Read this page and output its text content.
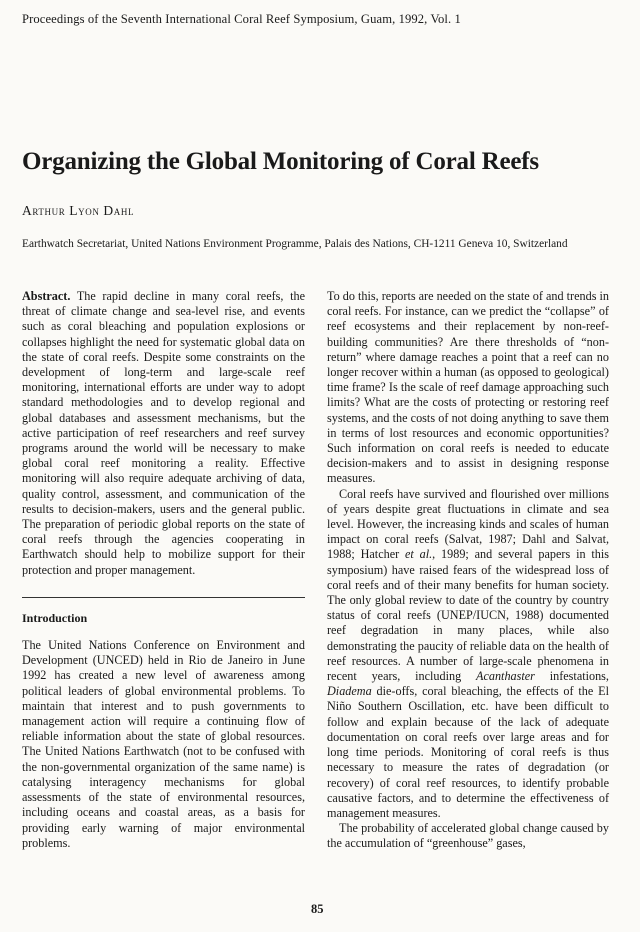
Proceedings of the Seventh International Coral Reef Symposium, Guam, 1992, Vol. 1
Organizing the Global Monitoring of Coral Reefs
Arthur Lyon Dahl
Earthwatch Secretariat, United Nations Environment Programme, Palais des Nations, CH-1211 Geneva 10, Switzerland

Abstract. The rapid decline in many coral reefs, the threat of climate change and sea-level rise, and events such as coral bleaching and population explosions or collapses highlight the need for systematic global data on the state of coral reefs. Despite some constraints on the development of long-term and large-scale reef monitoring, international efforts are under way to adopt standard methodologies and to develop regional and global databases and assessment mechanisms, but the active participation of reef researchers and reef survey programs around the world will be necessary to make global coral reef monitoring a reality. Effective monitoring will also require adequate archiving of data, quality control, assessment, and communication of the results to decision-makers, users and the general public. The preparation of periodic global reports on the state of coral reefs through the agencies cooperating in Earthwatch should help to mobilize support for their protection and proper management.

Introduction

The United Nations Conference on Environment and Development (UNCED) held in Rio de Janeiro in June 1992 has created a new level of awareness among political leaders of global environmental problems. To maintain that interest and to push governments to management action will require a continuing flow of reliable information about the state of global resources. The United Nations Earthwatch (not to be confused with the non-governmental organization of the same name) is catalysing interagency mechanisms for global assessments of the state of environmental resources, including oceans and coastal areas, as a basis for providing early warning of major environmental problems.

To do this, reports are needed on the state of and trends in coral reefs. For instance, can we predict the “collapse” of reef ecosystems and their replacement by non-reef-building communities? Are there thresholds of “non-return” where damage reaches a point that a reef can no longer recover within a human (as opposed to geological) time frame? Is the scale of reef damage approaching such limits? What are the costs of protecting or restoring reef systems, and the costs of not doing anything to save them in terms of lost resources and economic opportunities? Such information on coral reefs is needed to educate decision-makers and to assist in designing response measures.

Coral reefs have survived and flourished over millions of years despite great fluctuations in climate and sea level. However, the increasing kinds and scales of human impact on coral reefs (Salvat, 1987; Dahl and Salvat, 1988; Hatcher et al., 1989; and several papers in this symposium) have raised fears of the widespread loss of coral reefs and of their many benefits for human society. The only global review to date of the country by country status of coral reefs (UNEP/IUCN, 1988) documented reef degradation in many places, while also demonstrating the paucity of reliable data on the health of reef resources. A number of large-scale phenomena in recent years, including Acanthaster infestations, Diadema die-offs, coral bleaching, the effects of the El Niño Southern Oscillation, etc. have been difficult to follow and explain because of the lack of adequate documentation on coral reefs over large areas and for long time periods. Monitoring of coral reefs is thus necessary to measure the rates of degradation (or recovery) of coral reef resources, to identify probable causative factors, and to determine the effectiveness of management measures.

The probability of accelerated global change caused by the accumulation of “greenhouse” gases,

85
